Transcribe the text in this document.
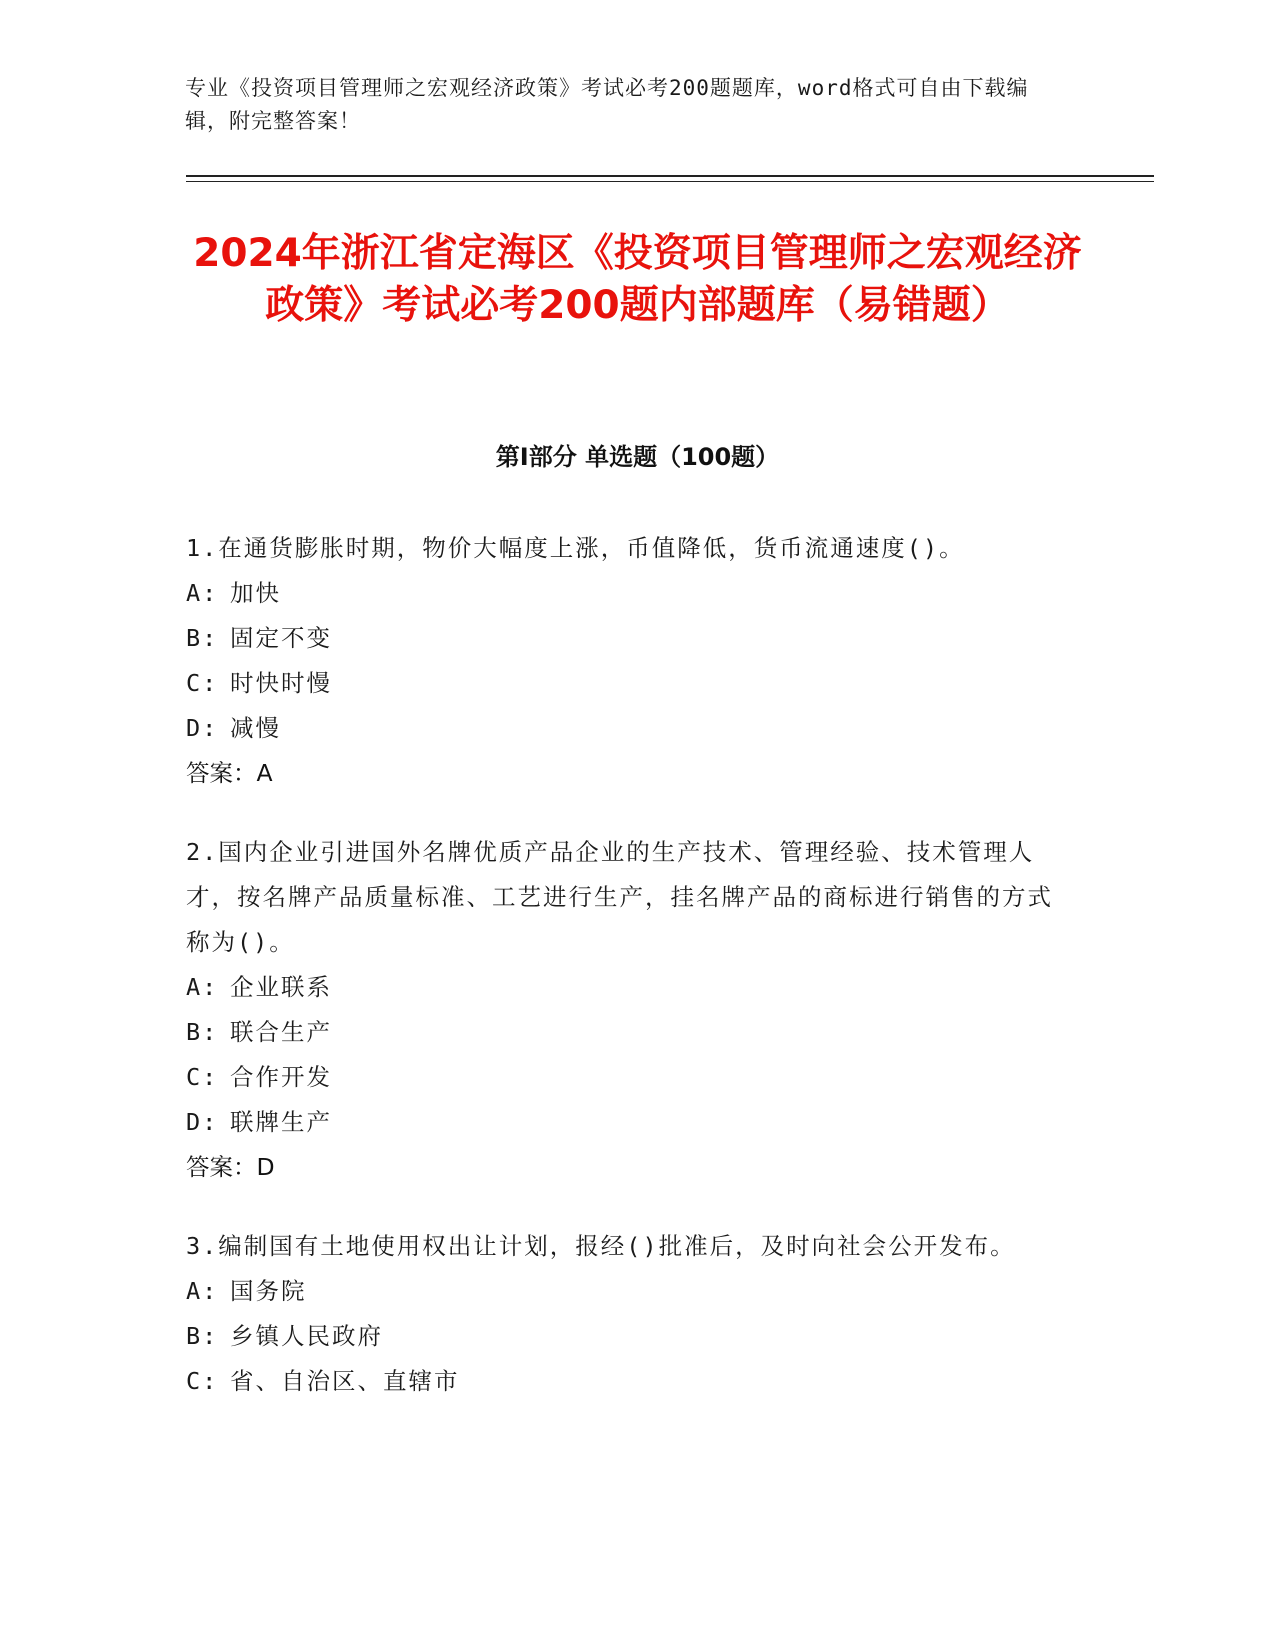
专业《投资项目管理师之宏观经济政策》考试必考200题题库，word格式可自由下载编辑，附完整答案！
2024年浙江省定海区《投资项目管理师之宏观经济政策》考试必考200题内部题库（易错题）
第I部分 单选题（100题）
1.在通货膨胀时期，物价大幅度上涨，币值降低，货币流通速度()。
A: 加快
B: 固定不变
C: 时快时慢
D: 减慢
答案：A
2.国内企业引进国外名牌优质产品企业的生产技术、管理经验、技术管理人才，按名牌产品质量标准、工艺进行生产，挂名牌产品的商标进行销售的方式称为()。
A: 企业联系
B: 联合生产
C: 合作开发
D: 联牌生产
答案：D
3.编制国有土地使用权出让计划，报经()批准后，及时向社会公开发布。
A: 国务院
B: 乡镇人民政府
C: 省、自治区、直辖市
